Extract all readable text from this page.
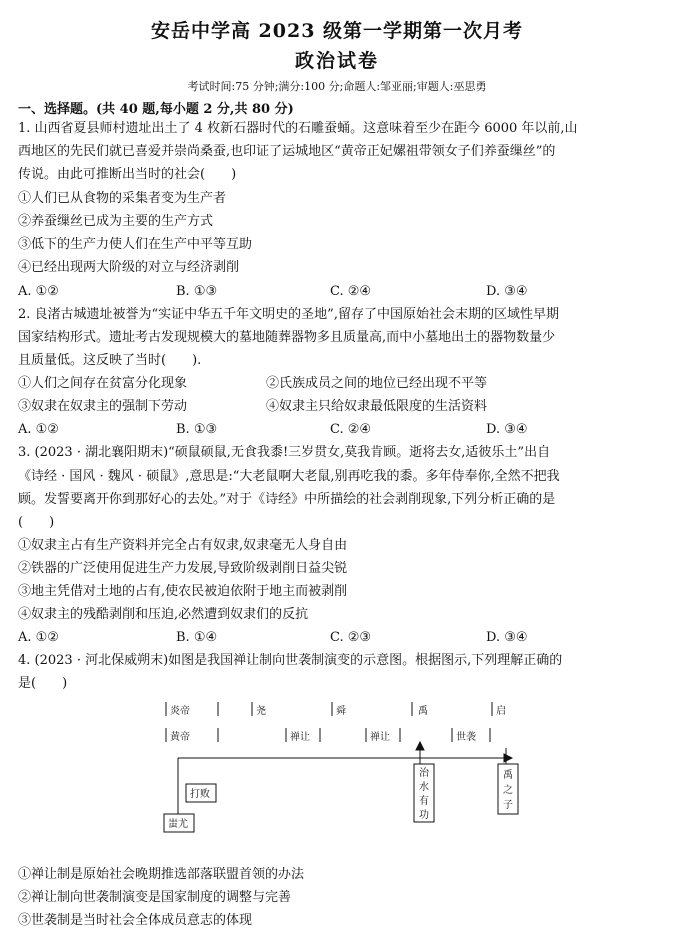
安岳中学高 2023 级第一学期第一次月考
政治试卷
考试时间:75 分钟;满分:100 分;命题人:邹亚丽;审题人:巫思勇
一、选择题。(共 40 题,每小题 2 分,共 80 分)
1. 山西省夏县师村遗址出土了 4 枚新石器时代的石雕蚕蛹。这意味着至少在距今 6000 年以前,山
西地区的先民们就已喜爱并崇尚桑蚕,也印证了运城地区“黄帝正妃嫘祖带领女子们养蚕缫丝”的
传说。由此可推断出当时的社会(　　)
①人们已从食物的采集者变为生产者
②养蚕缫丝已成为主要的生产方式
③低下的生产力使人们在生产中平等互助
④已经出现两大阶级的对立与经济剥削
A. ①②	B. ①③	C. ②④	D. ③④
2. 良渚古城遗址被誉为“实证中华五千年文明史的圣地”,留存了中国原始社会末期的区域性早期
国家结构形式。遗址考古发现规模大的墓地随葬器物多且质量高,而中小墓地出土的器物数量少
且质量低。这反映了当时(　　).
①人们之间存在贫富分化现象	②氏族成员之间的地位已经出现不平等
③奴隶在奴隶主的强制下劳动	④奴隶主只给奴隶最低限度的生活资料
A. ①②	B. ①③	C. ②④	D. ③④
3. (2023 · 湖北襄阳期末)“硕鼠硕鼠,无食我黍!三岁贯女,莫我肯顾。逝将去女,适彼乐土”出自
《诗经 · 国风 · 魏风 · 硕鼠》,意思是:“大老鼠啊大老鼠,别再吃我的黍。多年侍奉你,全然不把我
顾。发誓要离开你到那好心的去处。”对于《诗经》中所描绘的社会剥削现象,下列分析正确的是
(　　)
①奴隶主占有生产资料并完全占有奴隶,奴隶毫无人身自由
②铁器的广泛使用促进生产力发展,导致阶级剥削日益尖锐
③地主凭借对土地的占有,使农民被迫依附于地主而被剥削
④奴隶主的残酷剥削和压迫,必然遭到奴隶们的反抗
A. ①②	B. ①④	C. ②③	D. ③④
4. (2023 · 河北保威朔末)如图是我国禅让制向世袭制演变的示意图。根据图示,下列理解正确的
是(　　)
炎帝	尧	舜	禹	启
黄帝	禅让	禅让	世袭
打败
蚩尤
治
水
有
功
禹
之
子
①禅让制是原始社会晚期推选部落联盟首领的办法
②禅让制向世袭制演变是国家制度的调整与完善
③世袭制是当时社会全体成员意志的体现
